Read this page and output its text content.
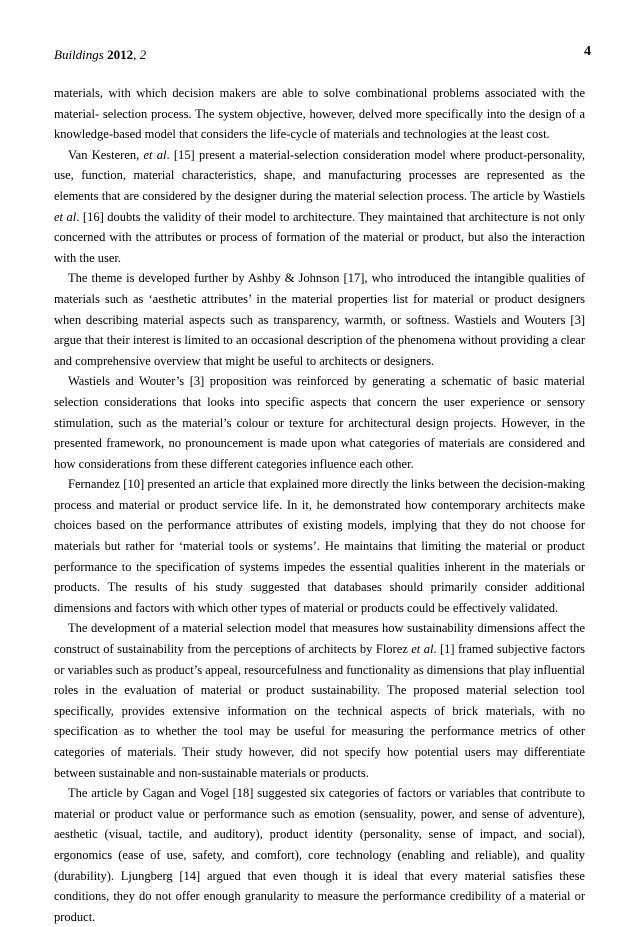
Buildings 2012, 2	4

materials, with which decision makers are able to solve combinational problems associated with the material- selection process. The system objective, however, delved more specifically into the design of a knowledge-based model that considers the life-cycle of materials and technologies at the least cost.

Van Kesteren, et al. [15] present a material-selection consideration model where product-personality, use, function, material characteristics, shape, and manufacturing processes are represented as the elements that are considered by the designer during the material selection process. The article by Wastiels et al. [16] doubts the validity of their model to architecture. They maintained that architecture is not only concerned with the attributes or process of formation of the material or product, but also the interaction with the user.

The theme is developed further by Ashby & Johnson [17], who introduced the intangible qualities of materials such as ‘aesthetic attributes’ in the material properties list for material or product designers when describing material aspects such as transparency, warmth, or softness. Wastiels and Wouters [3] argue that their interest is limited to an occasional description of the phenomena without providing a clear and comprehensive overview that might be useful to architects or designers.

Wastiels and Wouter’s [3] proposition was reinforced by generating a schematic of basic material selection considerations that looks into specific aspects that concern the user experience or sensory stimulation, such as the material’s colour or texture for architectural design projects. However, in the presented framework, no pronouncement is made upon what categories of materials are considered and how considerations from these different categories influence each other.

Fernandez [10] presented an article that explained more directly the links between the decision-making process and material or product service life. In it, he demonstrated how contemporary architects make choices based on the performance attributes of existing models, implying that they do not choose for materials but rather for ‘material tools or systems’. He maintains that limiting the material or product performance to the specification of systems impedes the essential qualities inherent in the materials or products. The results of his study suggested that databases should primarily consider additional dimensions and factors with which other types of material or products could be effectively validated.

The development of a material selection model that measures how sustainability dimensions affect the construct of sustainability from the perceptions of architects by Florez et al. [1] framed subjective factors or variables such as product’s appeal, resourcefulness and functionality as dimensions that play influential roles in the evaluation of material or product sustainability. The proposed material selection tool specifically, provides extensive information on the technical aspects of brick materials, with no specification as to whether the tool may be useful for measuring the performance metrics of other categories of materials. Their study however, did not specify how potential users may differentiate between sustainable and non-sustainable materials or products.

The article by Cagan and Vogel [18] suggested six categories of factors or variables that contribute to material or product value or performance such as emotion (sensuality, power, and sense of adventure), aesthetic (visual, tactile, and auditory), product identity (personality, sense of impact, and social), ergonomics (ease of use, safety, and comfort), core technology (enabling and reliable), and quality (durability). Ljungberg [14] argued that even though it is ideal that every material satisfies these conditions, they do not offer enough granularity to measure the performance credibility of a material or product.
